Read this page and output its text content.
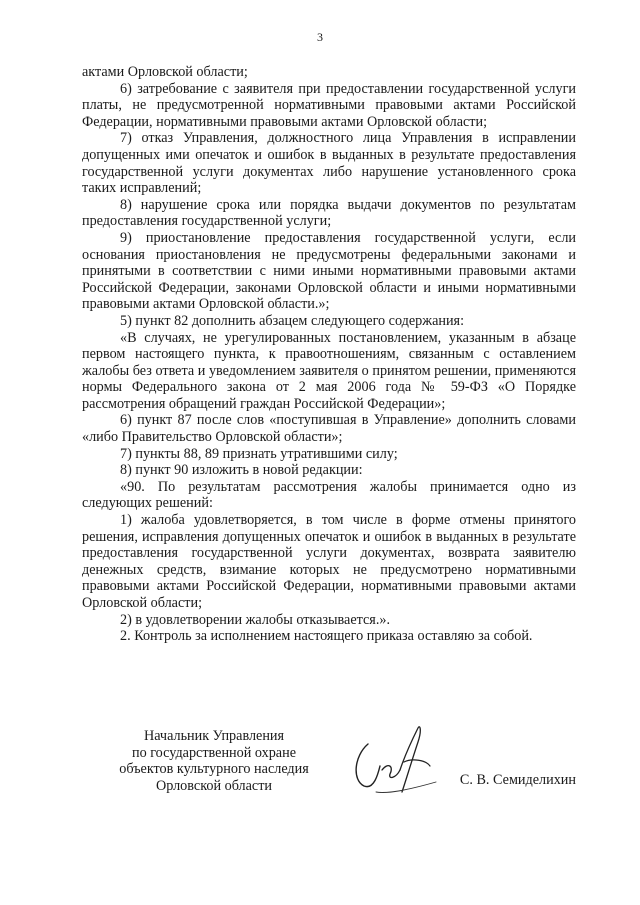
3

актами Орловской области;

6) затребование с заявителя при предоставлении государственной услуги платы, не предусмотренной нормативными правовыми актами Российской Федерации, нормативными правовыми актами Орловской области;

7) отказ Управления, должностного лица Управления в исправлении допущенных ими опечаток и ошибок в выданных в результате предоставления государственной услуги документах либо нарушение установленного срока таких исправлений;

8) нарушение срока или порядка выдачи документов по результатам предоставления государственной услуги;

9) приостановление предоставления государственной услуги, если основания приостановления не предусмотрены федеральными законами и принятыми в соответствии с ними иными нормативными правовыми актами Российской Федерации, законами Орловской области и иными нормативными правовыми актами Орловской области.»;

5) пункт 82 дополнить абзацем следующего содержания:

«В случаях, не урегулированных постановлением, указанным в абзаце первом настоящего пункта, к правоотношениям, связанным с оставлением жалобы без ответа и уведомлением заявителя о принятом решении, применяются нормы Федерального закона от 2 мая 2006 года № 59-ФЗ «О Порядке рассмотрения обращений граждан Российской Федерации»;

6) пункт 87 после слов «поступившая в Управление» дополнить словами «либо Правительство Орловской области»;

7) пункты 88, 89 признать утратившими силу;

8) пункт 90 изложить в новой редакции:

«90. По результатам рассмотрения жалобы принимается одно из следующих решений:

1) жалоба удовлетворяется, в том числе в форме отмены принятого решения, исправления допущенных опечаток и ошибок в выданных в результате предоставления государственной услуги документах, возврата заявителю денежных средств, взимание которых не предусмотрено нормативными правовыми актами Российской Федерации, нормативными правовыми актами Орловской области;

2) в удовлетворении жалобы отказывается.».

2. Контроль за исполнением настоящего приказа оставляю за собой.

Начальник Управления
по государственной охране
объектов культурного наследия
Орловской области	С. В. Семиделихин
